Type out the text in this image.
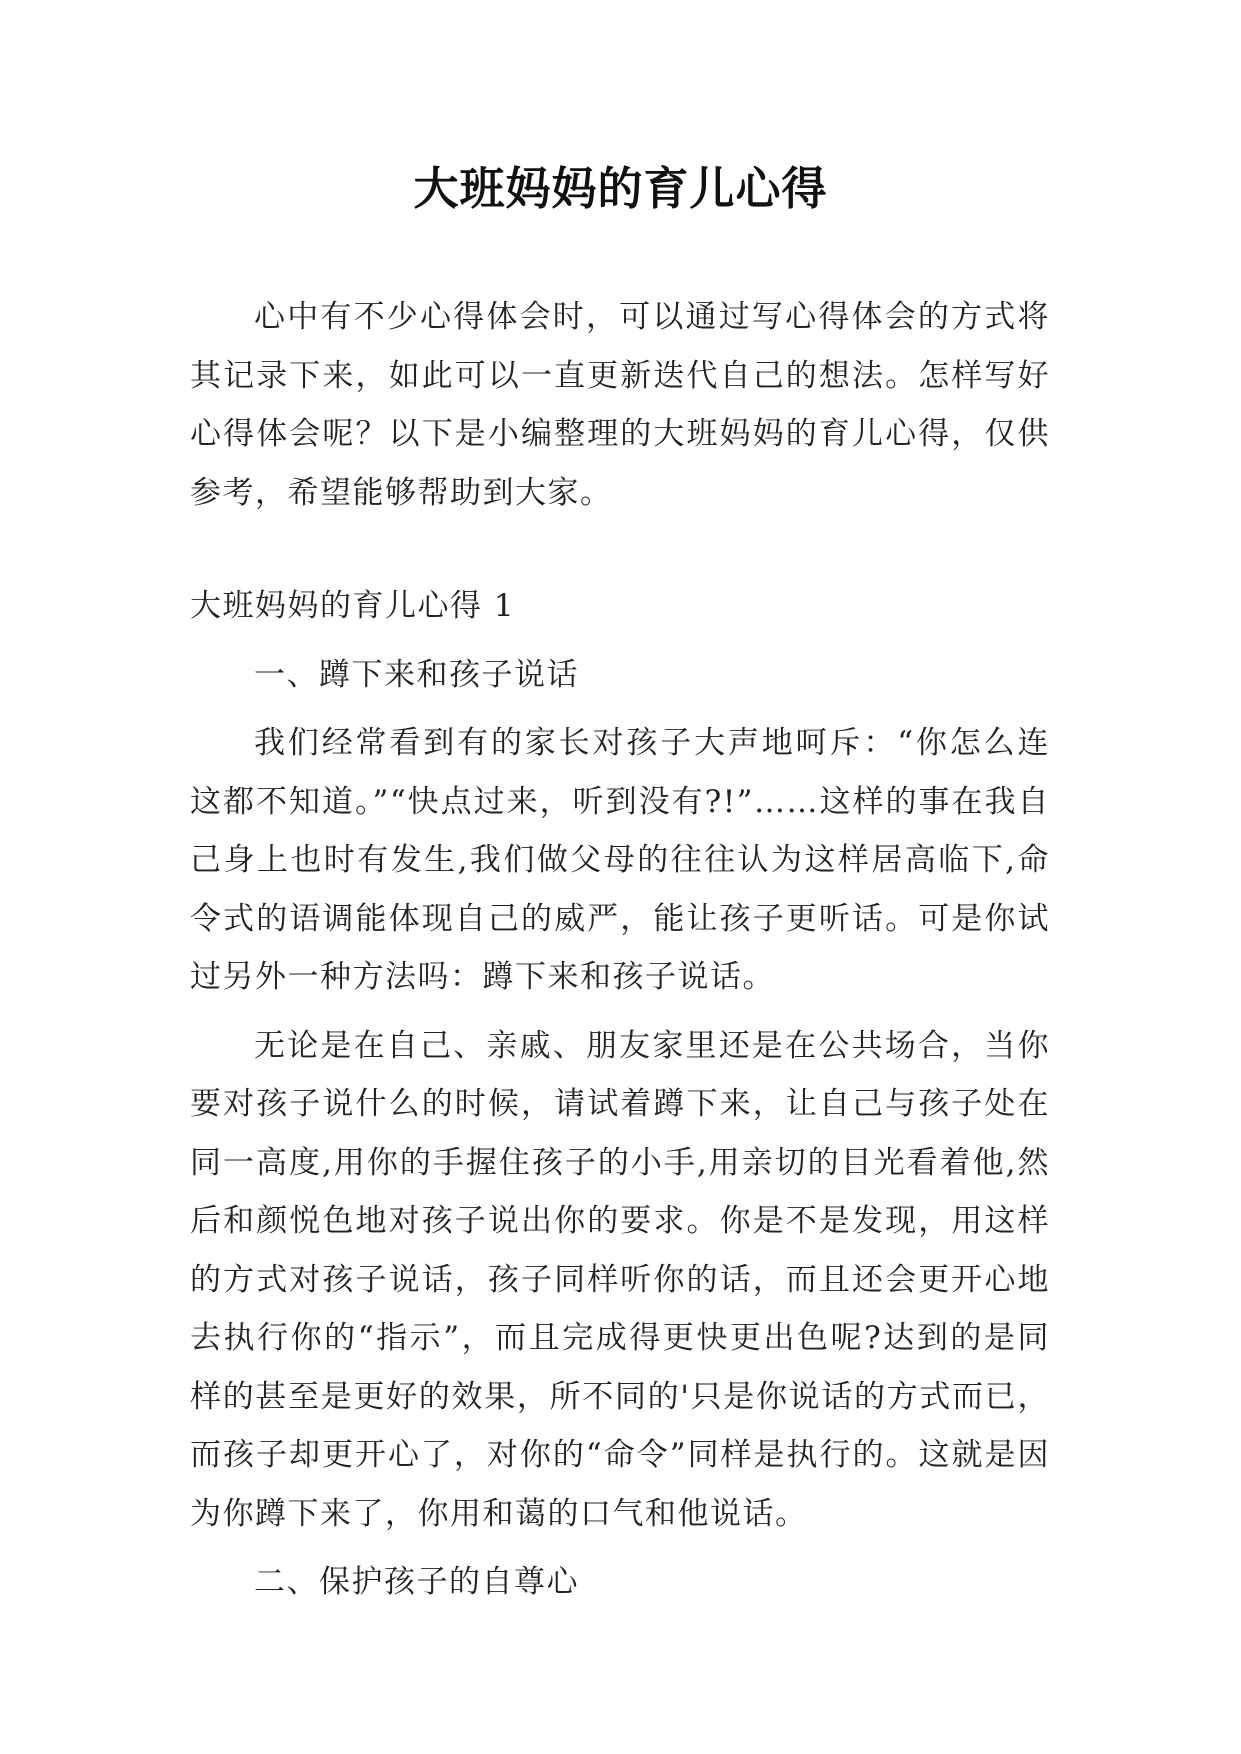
大班妈妈的育儿心得

心中有不少心得体会时，可以通过写心得体会的方式将其记录下来，如此可以一直更新迭代自己的想法。怎样写好心得体会呢？以下是小编整理的大班妈妈的育儿心得，仅供参考，希望能够帮助到大家。

大班妈妈的育儿心得 1

一、蹲下来和孩子说话

我们经常看到有的家长对孩子大声地呵斥：“你怎么连这都不知道。”“快点过来，听到没有?!”……这样的事在我自己身上也时有发生,我们做父母的往往认为这样居高临下,命令式的语调能体现自己的威严，能让孩子更听话。可是你试过另外一种方法吗：蹲下来和孩子说话。

无论是在自己、亲戚、朋友家里还是在公共场合，当你要对孩子说什么的时候，请试着蹲下来，让自己与孩子处在同一高度,用你的手握住孩子的小手,用亲切的目光看着他,然后和颜悦色地对孩子说出你的要求。你是不是发现，用这样的方式对孩子说话，孩子同样听你的话，而且还会更开心地去执行你的“指示”，而且完成得更快更出色呢?达到的是同样的甚至是更好的效果，所不同的'只是你说话的方式而已，而孩子却更开心了，对你的“命令”同样是执行的。这就是因为你蹲下来了，你用和蔼的口气和他说话。

二、保护孩子的自尊心
